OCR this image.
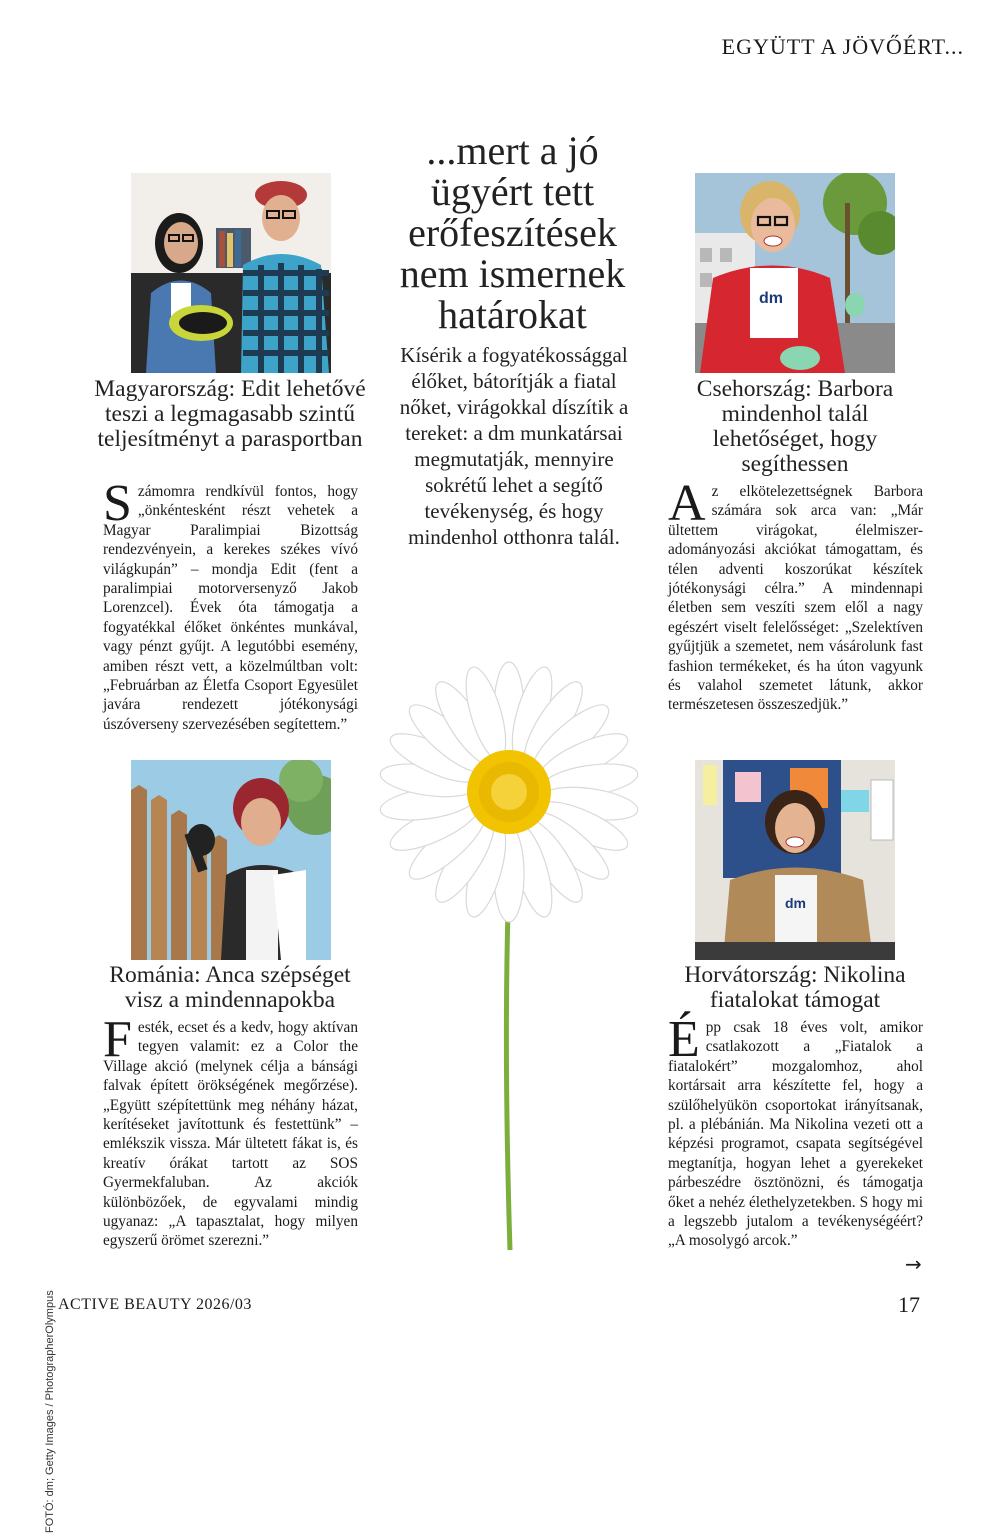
EGYÜTT A JÖVŐÉRT...
...mert a jó ügyért tett erőfeszítések nem ismernek határokat
Kísérik a fogyatékossággal élőket, bátorítják a fiatal nőket, virágokkal díszítik a tereket: a dm munkatársai megmutatják, mennyire sokrétű lehet a segítő tevékenység, és hogy mindenhol otthonra talál.
dm
dm
Magyarország: Edit lehetővé teszi a legmagasabb szintű teljesítményt a parasportban
Számomra rendkívül fontos, hogy „önkéntesként részt vehetek a Magyar Paralimpiai Bizottság rendezvényein, a kerekes székes vívó világkupán” – mondja Edit (fent a paralimpiai motorversenyző Jakob Lorenzcel). Évek óta támogatja a fogyatékkal élőket önkéntes munkával, vagy pénzt gyűjt. A legutóbbi esemény, amiben részt vett, a közelmúltban volt: „Februárban az Életfa Csoport Egyesület javára rendezett jótékonysági úszóverseny szervezésében segítettem.”
Csehország: Barbora mindenhol talál lehetőséget, hogy segíthessen
Az elkötelezettségnek Barbora számára sok arca van: „Már ültettem virágokat, élelmiszer-adományozási akciókat támogattam, és télen adventi koszorúkat készítek jótékonysági célra.” A mindennapi életben sem veszíti szem elől a nagy egészért viselt felelősséget: „Szelektíven gyűjtjük a szemetet, nem vásárolunk fast fashion termékeket, és ha úton vagyunk és valahol szemetet látunk, akkor természetesen összeszedjük.”
Románia: Anca szépséget visz a mindennapokba
Festék, ecset és a kedv, hogy aktívan tegyen valamit: ez a Color the Village akció (melynek célja a bánsági falvak épített örökségének megőrzése). „Együtt szépítettünk meg néhány házat, kerítéseket javítottunk és festettünk” – emlékszik vissza. Már ültetett fákat is, és kreatív órákat tartott az SOS Gyermekfaluban. Az akciók különbözőek, de egyvalami mindig ugyanaz: „A tapasztalat, hogy milyen egyszerű örömet szerezni.”
Horvátország: Nikolina fiatalokat támogat
Épp csak 18 éves volt, amikor csatlakozott a „Fiatalok a fiatalokért” mozgalomhoz, ahol kortársait arra készítette fel, hogy a szülőhelyükön csoportokat irányítsanak, pl. a plébánián. Ma Nikolina vezeti ott a képzési programot, csapata segítségével megtanítja, hogyan lehet a gyerekeket párbeszédre ösztönözni, és támogatja őket a nehéz élethelyzetekben. S hogy mi a legszebb jutalom a tevékenységéért? „A mosolygó arcok.”
FOTÓ: dm; Getty Images / PhotographerOlympus
→
ACTIVE BEAUTY 2026/03	17
